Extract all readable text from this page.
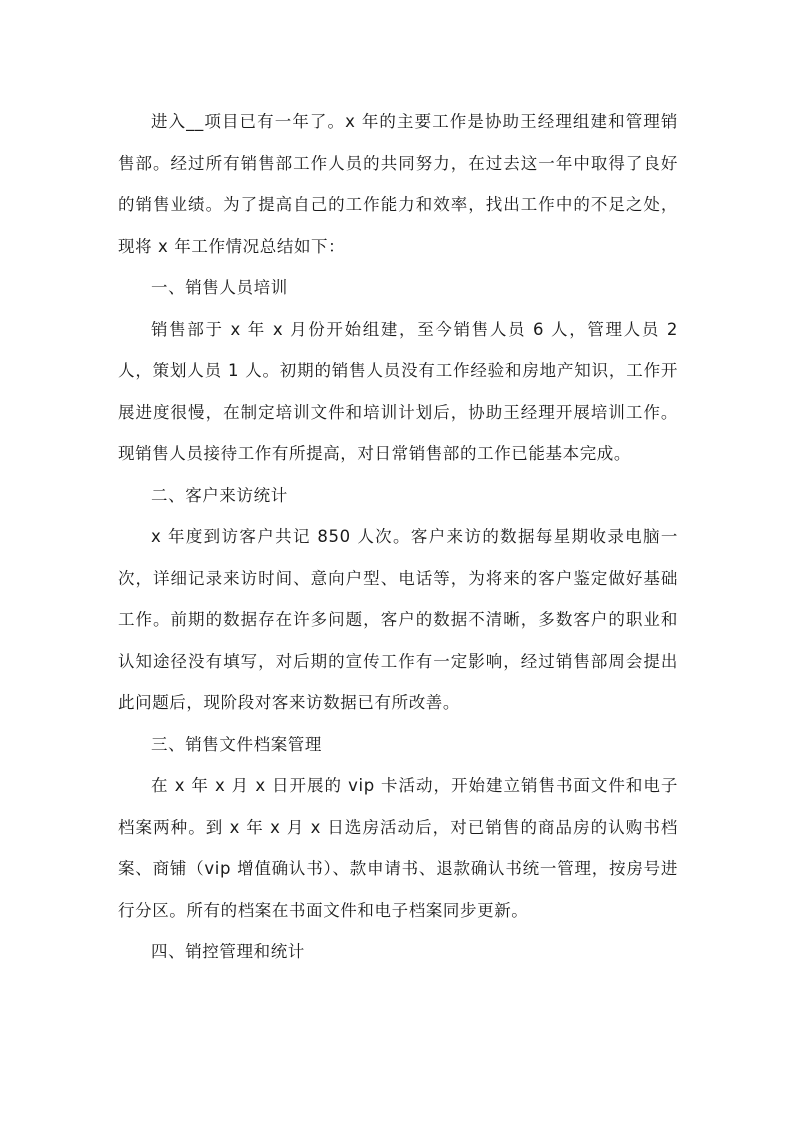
进入__项目已有一年了。x 年的主要工作是协助王经理组建和管理销售部。经过所有销售部工作人员的共同努力，在过去这一年中取得了良好的销售业绩。为了提高自己的工作能力和效率，找出工作中的不足之处，现将 x 年工作情况总结如下：

一、销售人员培训

销售部于 x 年 x 月份开始组建，至今销售人员 6 人，管理人员 2 人，策划人员 1 人。初期的销售人员没有工作经验和房地产知识，工作开展进度很慢，在制定培训文件和培训计划后，协助王经理开展培训工作。现销售人员接待工作有所提高，对日常销售部的工作已能基本完成。

二、客户来访统计

x 年度到访客户共记 850 人次。客户来访的数据每星期收录电脑一次，详细记录来访时间、意向户型、电话等，为将来的客户鉴定做好基础工作。前期的数据存在许多问题，客户的数据不清晰，多数客户的职业和认知途径没有填写，对后期的宣传工作有一定影响，经过销售部周会提出此问题后，现阶段对客来访数据已有所改善。

三、销售文件档案管理

在 x 年 x 月 x 日开展的 vip 卡活动，开始建立销售书面文件和电子档案两种。到 x 年 x 月 x 日选房活动后，对已销售的商品房的认购书档案、商铺（vip 增值确认书）、款申请书、退款确认书统一管理，按房号进行分区。所有的档案在书面文件和电子档案同步更新。

四、销控管理和统计
